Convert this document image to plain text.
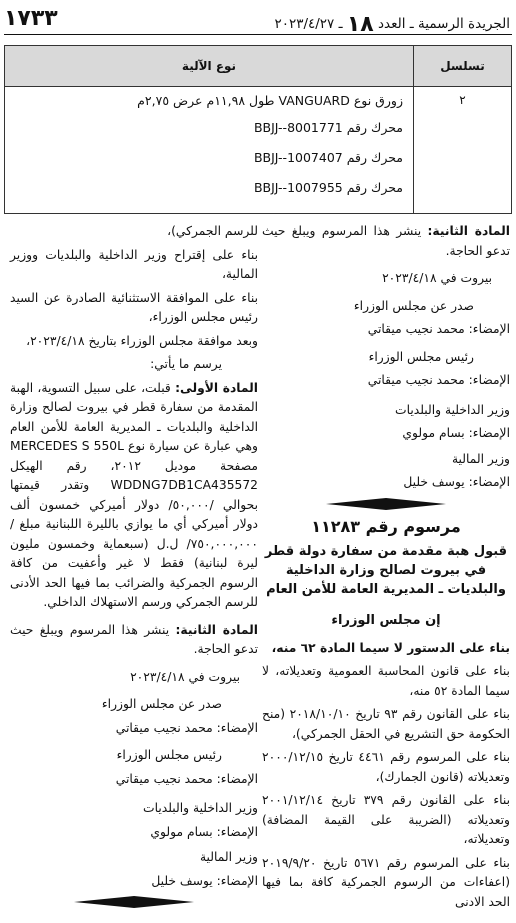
الجريدة الرسمية ـ العدد ١٨ ـ ٢٠٢٣/٤/٢٧
١٧٣٣
تسلسل	نوع الآلية
٢	زورق نوع VANGUARD طول ١١,٩٨م عرض ٢,٧٥م
محرك رقم BBJJ--8001771
محرك رقم BBJJ--1007407
محرك رقم BBJJ--1007955

المادة الثانية: ينشر هذا المرسوم ويبلغ حيث تدعو الحاجة.

بيروت في ٢٠٢٣/٤/١٨

صدر عن مجلس الوزراء

الإمضاء: محمد نجيب ميقاتي

رئيس مجلس الوزراء

الإمضاء: محمد نجيب ميقاتي

وزير الداخلية والبلديات

الإمضاء: بسام مولوي

وزير المالية

الإمضاء: يوسف خليل

مرسوم رقم ١١٢٨٣
قبول هبة مقدمة من سفارة دولة قطر في بيروت لصالح وزارة الداخلية والبلديات ـ المديرية العامة للأمن العام
إن مجلس الوزراء

بناء على الدستور لا سيما المادة ٦٢ منه،

بناء على قانون المحاسبة العمومية وتعديلاته، لا سيما المادة ٥٢ منه،

بناء على القانون رقم ٩٣ تاريخ ٢٠١٨/١٠/١٠ (منح الحكومة حق التشريع في الحقل الجمركي)،

بناء على المرسوم رقم ٤٤٦١ تاريخ ٢٠٠٠/١٢/١٥ وتعديلاته (قانون الجمارك)،

بناء على القانون رقم ٣٧٩ تاريخ ٢٠٠١/١٢/١٤ وتعديلاته (الضريبة على القيمة المضافة) وتعديلاته،

بناء على المرسوم رقم ٥٦٧١ تاريخ ٢٠١٩/٩/٢٠ (اعفاءات من الرسوم الجمركية كافة بما فيها الحد الادنى

للرسم الجمركي)،

بناء على إقتراح وزير الداخلية والبلديات ووزير المالية،

بناء على الموافقة الاستثنائية الصادرة عن السيد رئيس مجلس الوزراء،

وبعد موافقة مجلس الوزراء بتاريخ ٢٠٢٣/٤/١٨،

يرسم ما يأتي:

المادة الأولى: قبلت، على سبيل التسوية، الهبة المقدمة من سفارة قطر في بيروت لصالح وزارة الداخلية والبلديات ـ المديرية العامة للأمن العام وهي عبارة عن سيارة نوع MERCEDES S 550L مصفحة موديل ٢٠١٢، رقم الهيكل WDDNG7DB1CA435572 وتقدر قيمتها بحوالي /٥٠,٠٠٠/ دولار أميركي خمسون ألف دولار أميركي أي ما يوازي بالليرة اللبنانية مبلغ /٧٥٠,٠٠٠,٠٠٠/ ل.ل (سبعماية وخمسون مليون ليرة لبنانية) فقط لا غير وأعفيت من كافة الرسوم الجمركية والضرائب بما فيها الحد الأدنى للرسم الجمركي ورسم الاستهلاك الداخلي.

المادة الثانية: ينشر هذا المرسوم ويبلغ حيث تدعو الحاجة.

بيروت في ٢٠٢٣/٤/١٨

صدر عن مجلس الوزراء

الإمضاء: محمد نجيب ميقاتي

رئيس مجلس الوزراء

الإمضاء: محمد نجيب ميقاتي

وزير الداخلية والبلديات

الإمضاء: بسام مولوي

وزير المالية

الإمضاء: يوسف خليل
